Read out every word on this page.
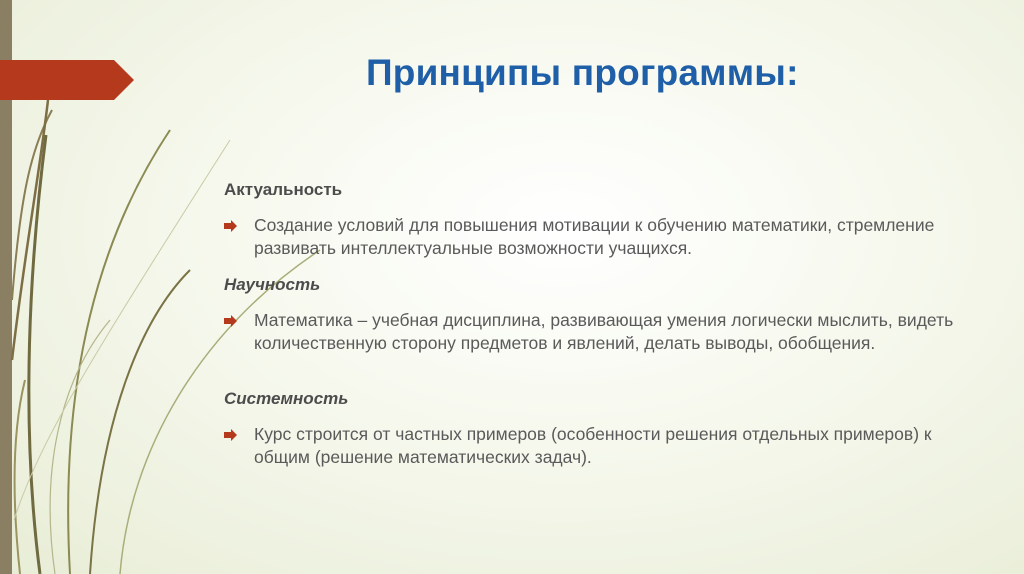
Принципы программы:
Актуальность
Создание условий для повышения мотивации к обучению математики, стремление развивать интеллектуальные возможности учащихся.
Научность
Математика – учебная дисциплина, развивающая умения логически мыслить, видеть количественную сторону предметов и явлений, делать выводы, обобщения.
Системность
Курс строится от частных примеров (особенности решения отдельных примеров) к общим (решение математических задач).
